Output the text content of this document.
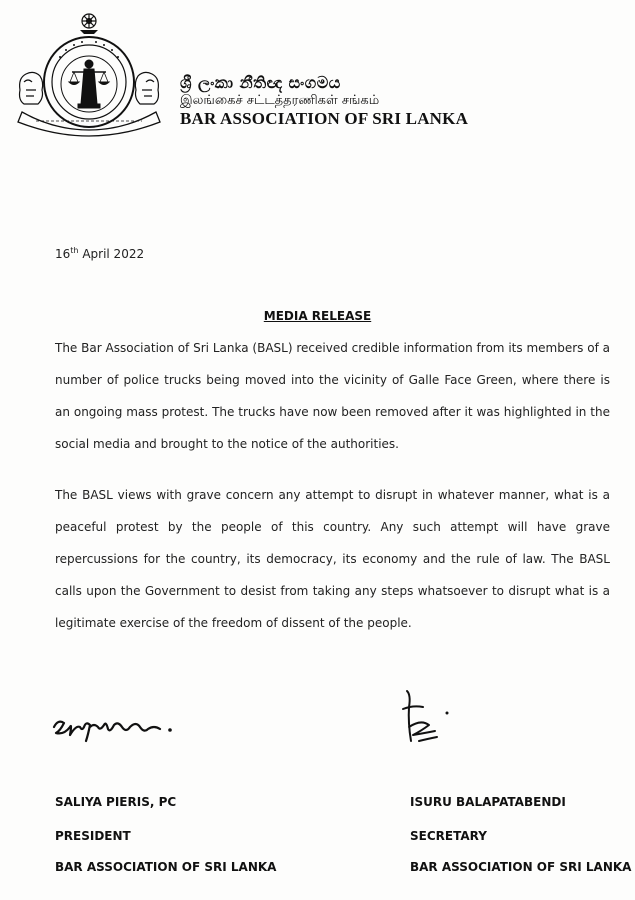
ශ්‍රී ලංකා නීතිඥ සංගමය
இலங்கைச் சட்டத்தரணிகள் சங்கம்
BAR ASSOCIATION OF SRI LANKA
16th April 2022
MEDIA RELEASE

The Bar Association of Sri Lanka (BASL) received credible information from its members of a number of police trucks being moved into the vicinity of Galle Face Green, where there is an ongoing mass protest. The trucks have now been removed after it was highlighted in the social media and brought to the notice of the authorities.

The BASL views with grave concern any attempt to disrupt in whatever manner, what is a peaceful protest by the people of this country. Any such attempt will have grave repercussions for the country, its democracy, its economy and the rule of law. The BASL calls upon the Government to desist from taking any steps whatsoever to disrupt what is a legitimate exercise of the freedom of dissent of the people.

SALIYA PIERIS, PC
PRESIDENT
BAR ASSOCIATION OF SRI LANKA
ISURU BALAPATABENDI
SECRETARY
BAR ASSOCIATION OF SRI LANKA
